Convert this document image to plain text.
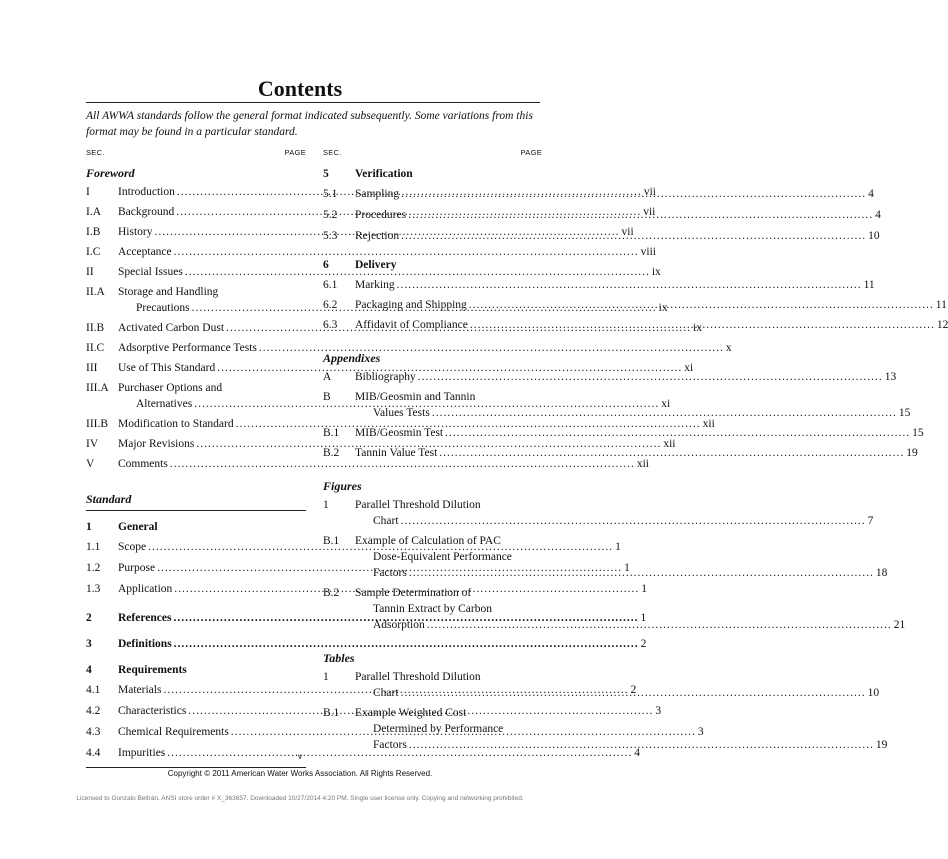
Contents

All AWWA standards follow the general format indicated subsequently. Some variations from this format may be found in a particular standard.

SEC.	PAGE
Foreword
I	Introduction .....	vii
I.A	Background .....	vii
I.B	History .....	vii
I.C	Acceptance .....	viii
II	Special Issues .....	ix
II.A	Storage and Handling
Precautions .....	ix
II.B	Activated Carbon Dust .....	ix
II.C	Adsorptive Performance Tests .....	x
III	Use of This Standard .....	xi
III.A Purchaser Options and
Alternatives .....	xi
III.B Modification to Standard .....	xii
IV	Major Revisions .....	xii
V	Comments .....	xii
Standard
1	General
1.1	Scope .....	1
1.2	Purpose .....	1
1.3	Application .....	1
2	References .....	1
3	Definitions .....	2
4	Requirements
4.1	Materials .....	2
4.2	Characteristics .....	3
4.3	Chemical Requirements .....	3
4.4	Impurities .....	4
SEC.	PAGE
5	Verification
5.1	Sampling .....	4
5.2	Procedures .....	4
5.3	Rejection .....	10
6	Delivery
6.1	Marking .....	11
6.2	Packaging and Shipping .....	11
6.3	Affidavit of Compliance .....	12
Appendixes
A	Bibliography .....	13
B	MIB/Geosmin and Tannin
Values Tests .....	15
B.1	MIB/Geosmin Test .....	15
B.2	Tannin Value Test .....	19
Figures
1	Parallel Threshold Dilution
Chart .....	7
B.1	Example of Calculation of PAC
Dose-Equivalent Performance
Factors .....	18
B.2	Sample Determination of
Tannin Extract by Carbon
Adsorption .....	21
Tables
1	Parallel Threshold Dilution
Chart .....	10
B.1	Example Weighted Cost
Determined by Performance
Factors .....	19
v
Copyright © 2011 American Water Works Association. All Rights Reserved.
Licensed to Gonzalo Beltrán. ANSI store order # X_363657. Downloaded 10/27/2014 4:20 PM. Single user license only. Copying and networking prohibited.
